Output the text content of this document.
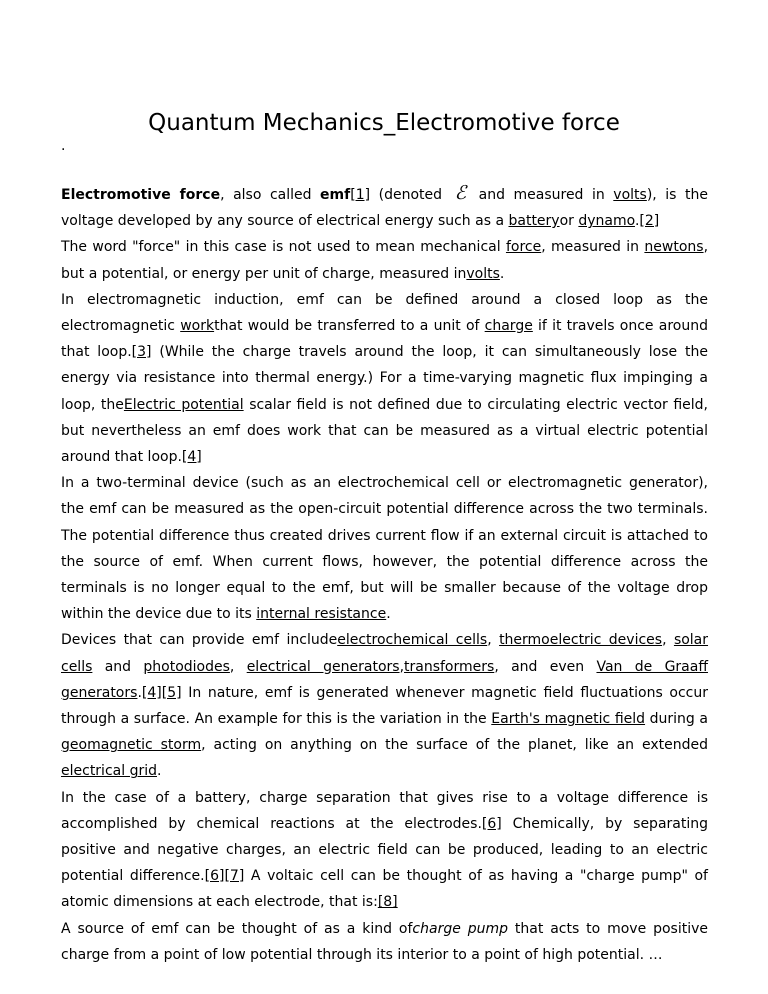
Quantum Mechanics_Electromotive force
.

Electromotive force, also called emf[1] (denoted ℰ and measured in volts), is the voltage developed by any source of electrical energy such as a batteryor dynamo.[2]

The word "force" in this case is not used to mean mechanical force, measured in newtons, but a potential, or energy per unit of charge, measured involts.

In electromagnetic induction, emf can be defined around a closed loop as the electromagnetic workthat would be transferred to a unit of charge if it travels once around that loop.[3] (While the charge travels around the loop, it can simultaneously lose the energy via resistance into thermal energy.) For a time-varying magnetic flux impinging a loop, theElectric potential scalar field is not defined due to circulating electric vector field, but nevertheless an emf does work that can be measured as a virtual electric potential around that loop.[4]

In a two-terminal device (such as an electrochemical cell or electromagnetic generator), the emf can be measured as the open-circuit potential difference across the two terminals. The potential difference thus created drives current flow if an external circuit is attached to the source of emf. When current flows, however, the potential difference across the terminals is no longer equal to the emf, but will be smaller because of the voltage drop within the device due to its internal resistance.

Devices that can provide emf includeelectrochemical cells, thermoelectric devices, solar cells and photodiodes, electrical generators,transformers, and even Van de Graaff generators.[4][5] In nature, emf is generated whenever magnetic field fluctuations occur through a surface. An example for this is the variation in the Earth's magnetic field during a geomagnetic storm, acting on anything on the surface of the planet, like an extended electrical grid.

In the case of a battery, charge separation that gives rise to a voltage difference is accomplished by chemical reactions at the electrodes.[6] Chemically, by separating positive and negative charges, an electric field can be produced, leading to an electric potential difference.[6][7] A voltaic cell can be thought of as having a "charge pump" of atomic dimensions at each electrode, that is:[8]

A source of emf can be thought of as a kind ofcharge pump that acts to move positive charge from a point of low potential through its interior to a point of high potential. …
